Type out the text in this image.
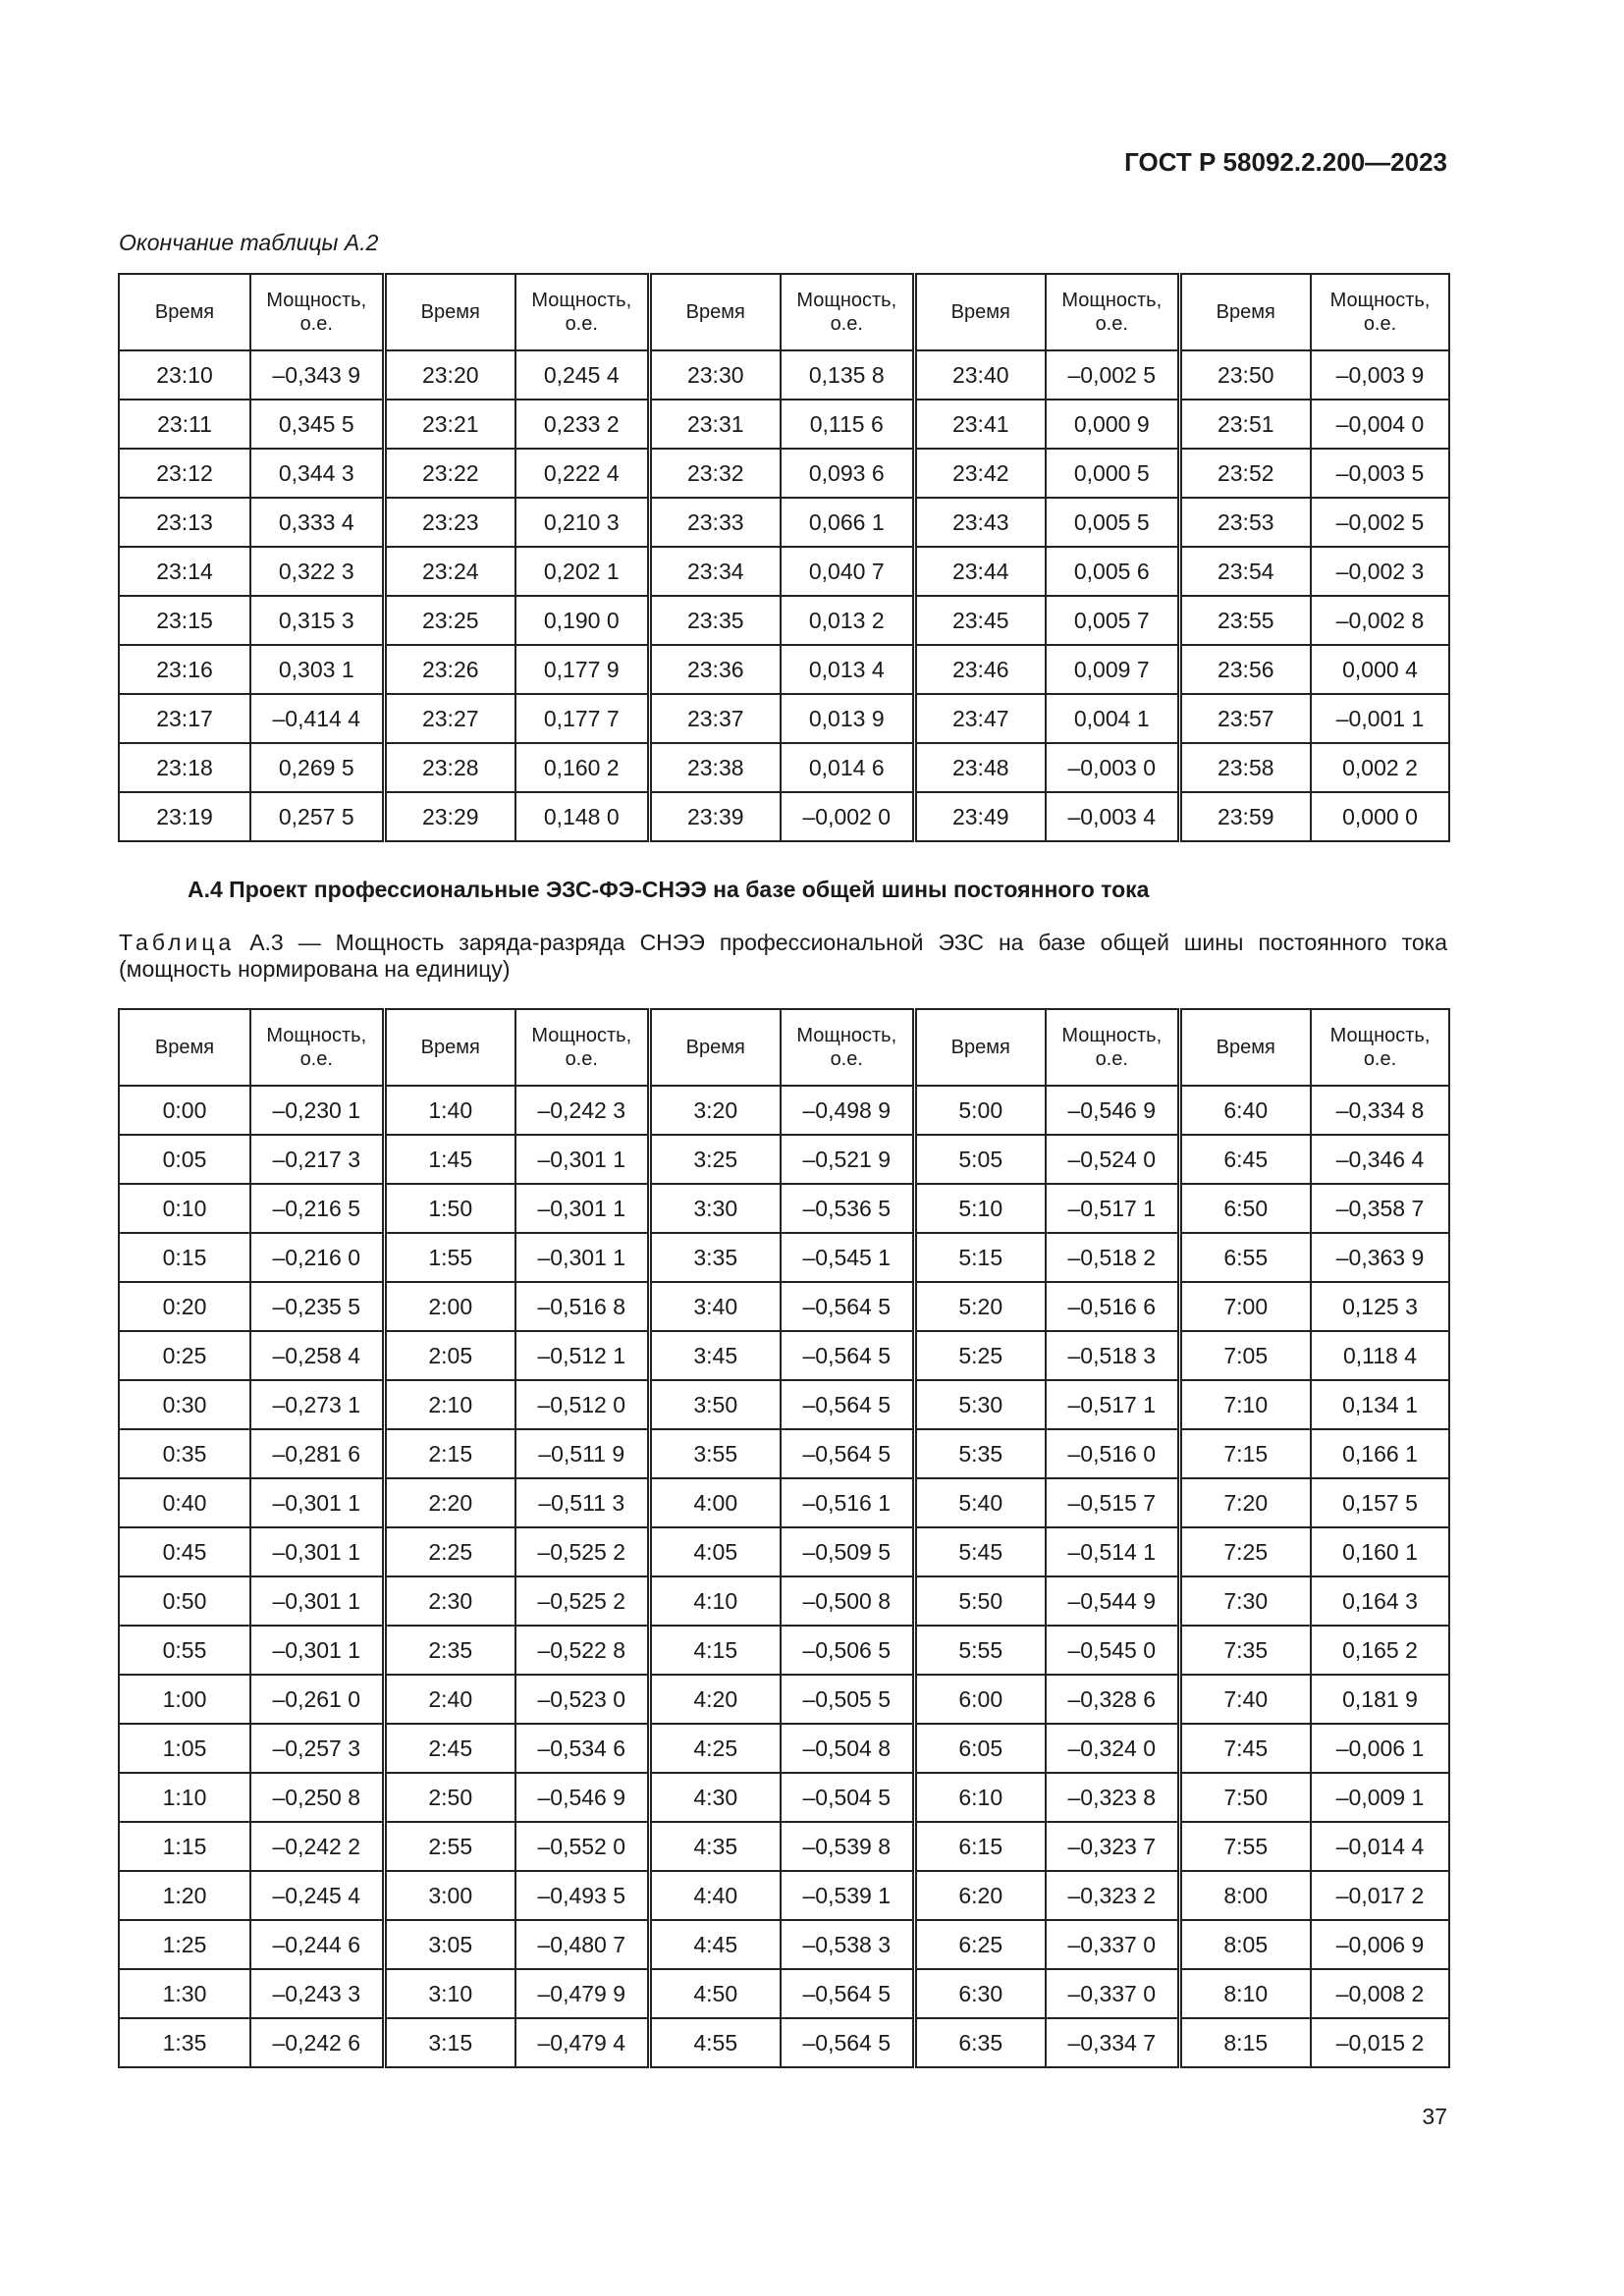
ГОСТ Р 58092.2.200—2023
Окончание таблицы А.2
Время	Мощность, о.е.	Время	Мощность, о.е.	Время	Мощность, о.е.	Время	Мощность, о.е.	Время	Мощность, о.е.
23:10	–0,343 9	23:20	0,245 4	23:30	0,135 8	23:40	–0,002 5	23:50	–0,003 9
23:11	0,345 5	23:21	0,233 2	23:31	0,115 6	23:41	0,000 9	23:51	–0,004 0
23:12	0,344 3	23:22	0,222 4	23:32	0,093 6	23:42	0,000 5	23:52	–0,003 5
23:13	0,333 4	23:23	0,210 3	23:33	0,066 1	23:43	0,005 5	23:53	–0,002 5
23:14	0,322 3	23:24	0,202 1	23:34	0,040 7	23:44	0,005 6	23:54	–0,002 3
23:15	0,315 3	23:25	0,190 0	23:35	0,013 2	23:45	0,005 7	23:55	–0,002 8
23:16	0,303 1	23:26	0,177 9	23:36	0,013 4	23:46	0,009 7	23:56	0,000 4
23:17	–0,414 4	23:27	0,177 7	23:37	0,013 9	23:47	0,004 1	23:57	–0,001 1
23:18	0,269 5	23:28	0,160 2	23:38	0,014 6	23:48	–0,003 0	23:58	0,002 2
23:19	0,257 5	23:29	0,148 0	23:39	–0,002 0	23:49	–0,003 4	23:59	0,000 0
А.4 Проект профессиональные ЭЗС-ФЭ-СНЭЭ на базе общей шины постоянного тока
Таблица А.3 — Мощность заряда-разряда СНЭЭ профессиональной ЭЗС на базе общей шины постоянного тока (мощность нормирована на единицу)
Время	Мощность, о.е.	Время	Мощность, о.е.	Время	Мощность, о.е.	Время	Мощность, о.е.	Время	Мощность, о.е.
0:00	–0,230 1	1:40	–0,242 3	3:20	–0,498 9	5:00	–0,546 9	6:40	–0,334 8
0:05	–0,217 3	1:45	–0,301 1	3:25	–0,521 9	5:05	–0,524 0	6:45	–0,346 4
0:10	–0,216 5	1:50	–0,301 1	3:30	–0,536 5	5:10	–0,517 1	6:50	–0,358 7
0:15	–0,216 0	1:55	–0,301 1	3:35	–0,545 1	5:15	–0,518 2	6:55	–0,363 9
0:20	–0,235 5	2:00	–0,516 8	3:40	–0,564 5	5:20	–0,516 6	7:00	0,125 3
0:25	–0,258 4	2:05	–0,512 1	3:45	–0,564 5	5:25	–0,518 3	7:05	0,118 4
0:30	–0,273 1	2:10	–0,512 0	3:50	–0,564 5	5:30	–0,517 1	7:10	0,134 1
0:35	–0,281 6	2:15	–0,511 9	3:55	–0,564 5	5:35	–0,516 0	7:15	0,166 1
0:40	–0,301 1	2:20	–0,511 3	4:00	–0,516 1	5:40	–0,515 7	7:20	0,157 5
0:45	–0,301 1	2:25	–0,525 2	4:05	–0,509 5	5:45	–0,514 1	7:25	0,160 1
0:50	–0,301 1	2:30	–0,525 2	4:10	–0,500 8	5:50	–0,544 9	7:30	0,164 3
0:55	–0,301 1	2:35	–0,522 8	4:15	–0,506 5	5:55	–0,545 0	7:35	0,165 2
1:00	–0,261 0	2:40	–0,523 0	4:20	–0,505 5	6:00	–0,328 6	7:40	0,181 9
1:05	–0,257 3	2:45	–0,534 6	4:25	–0,504 8	6:05	–0,324 0	7:45	–0,006 1
1:10	–0,250 8	2:50	–0,546 9	4:30	–0,504 5	6:10	–0,323 8	7:50	–0,009 1
1:15	–0,242 2	2:55	–0,552 0	4:35	–0,539 8	6:15	–0,323 7	7:55	–0,014 4
1:20	–0,245 4	3:00	–0,493 5	4:40	–0,539 1	6:20	–0,323 2	8:00	–0,017 2
1:25	–0,244 6	3:05	–0,480 7	4:45	–0,538 3	6:25	–0,337 0	8:05	–0,006 9
1:30	–0,243 3	3:10	–0,479 9	4:50	–0,564 5	6:30	–0,337 0	8:10	–0,008 2
1:35	–0,242 6	3:15	–0,479 4	4:55	–0,564 5	6:35	–0,334 7	8:15	–0,015 2
37
